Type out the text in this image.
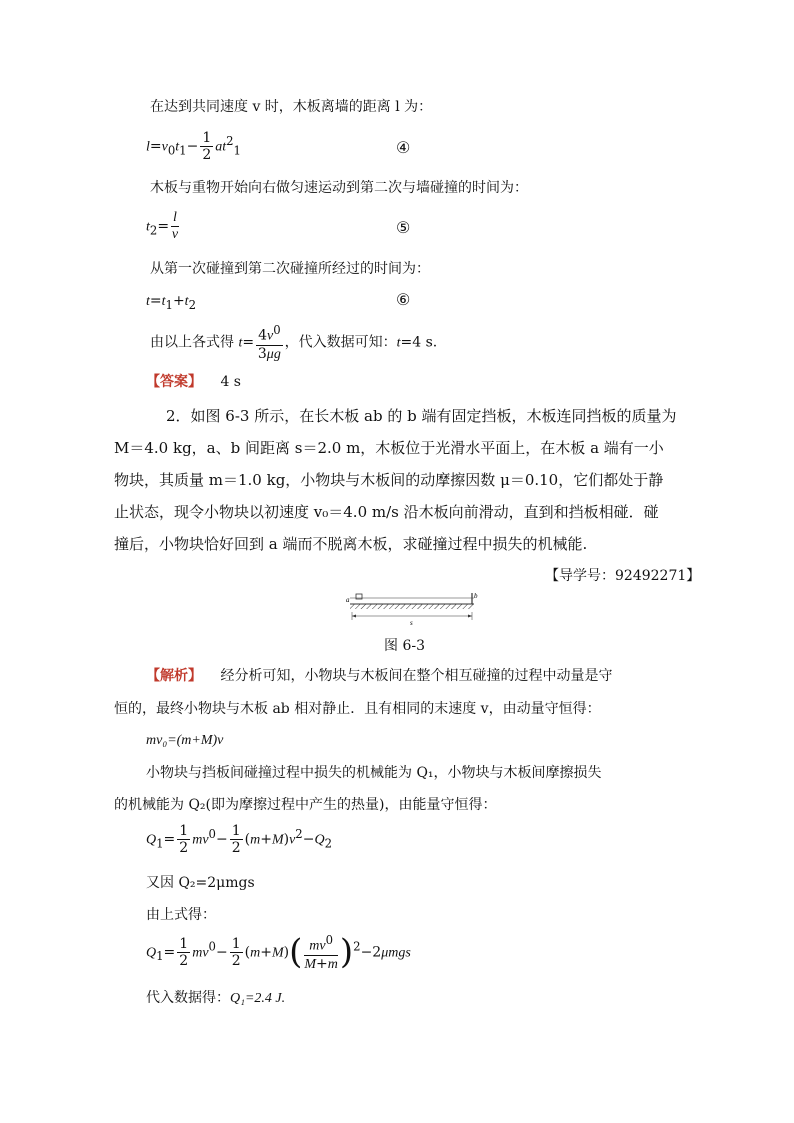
在达到共同速度 v 时，木板离墙的距离 l 为：
$l=v_0t_1- \frac{1}{2} at^2_1$	④
木板与重物开始向右做匀速运动到第二次与墙碰撞的时间为：
$t_2= \frac{l}{v}$	⑤
从第一次碰撞到第二次碰撞所经过的时间为：
$t=t_1+t_2$	⑥
由以上各式得 $t= \frac{4v^0}{3\mu g}$ ，代入数据可知：t=4 s.
【答案】 4 s
2．如图 6-3 所示，在长木板 ab 的 b 端有固定挡板，木板连同挡板的质量为
M＝4.0 kg，a、b 间距离 s＝2.0 m，木板位于光滑水平面上，在木板 a 端有一小
物块，其质量 m＝1.0 kg，小物块与木板间的动摩擦因数 μ＝0.10，它们都处于静
止状态，现令小物块以初速度 v₀＝4.0 m/s 沿木板向前滑动，直到和挡板相碰．碰
撞后，小物块恰好回到 a 端而不脱离木板，求碰撞过程中损失的机械能.
【导学号：92492271】
a	b
s
图 6-3
【解析】 经分析可知，小物块与木板间在整个相互碰撞的过程中动量是守
恒的，最终小物块与木板 ab 相对静止．且有相同的末速度 v，由动量守恒得：
mv₀=(m+M)v
小物块与挡板间碰撞过程中损失的机械能为 Q₁，小物块与木板间摩擦损失
的机械能为 Q₂(即为摩擦过程中产生的热量)，由能量守恒得：
$Q_1= \frac{1}{2} mv^0- \frac{1}{2} (m+M)v^2-Q_2$
又因 Q₂=2μmgs
由上式得：
$Q_1= \frac{1}{2} mv^0- \frac{1}{2} (m+M)( \frac{mv^0}{M+m} )^2-2\mu mgs$
代入数据得：Q₁=2.4 J.
